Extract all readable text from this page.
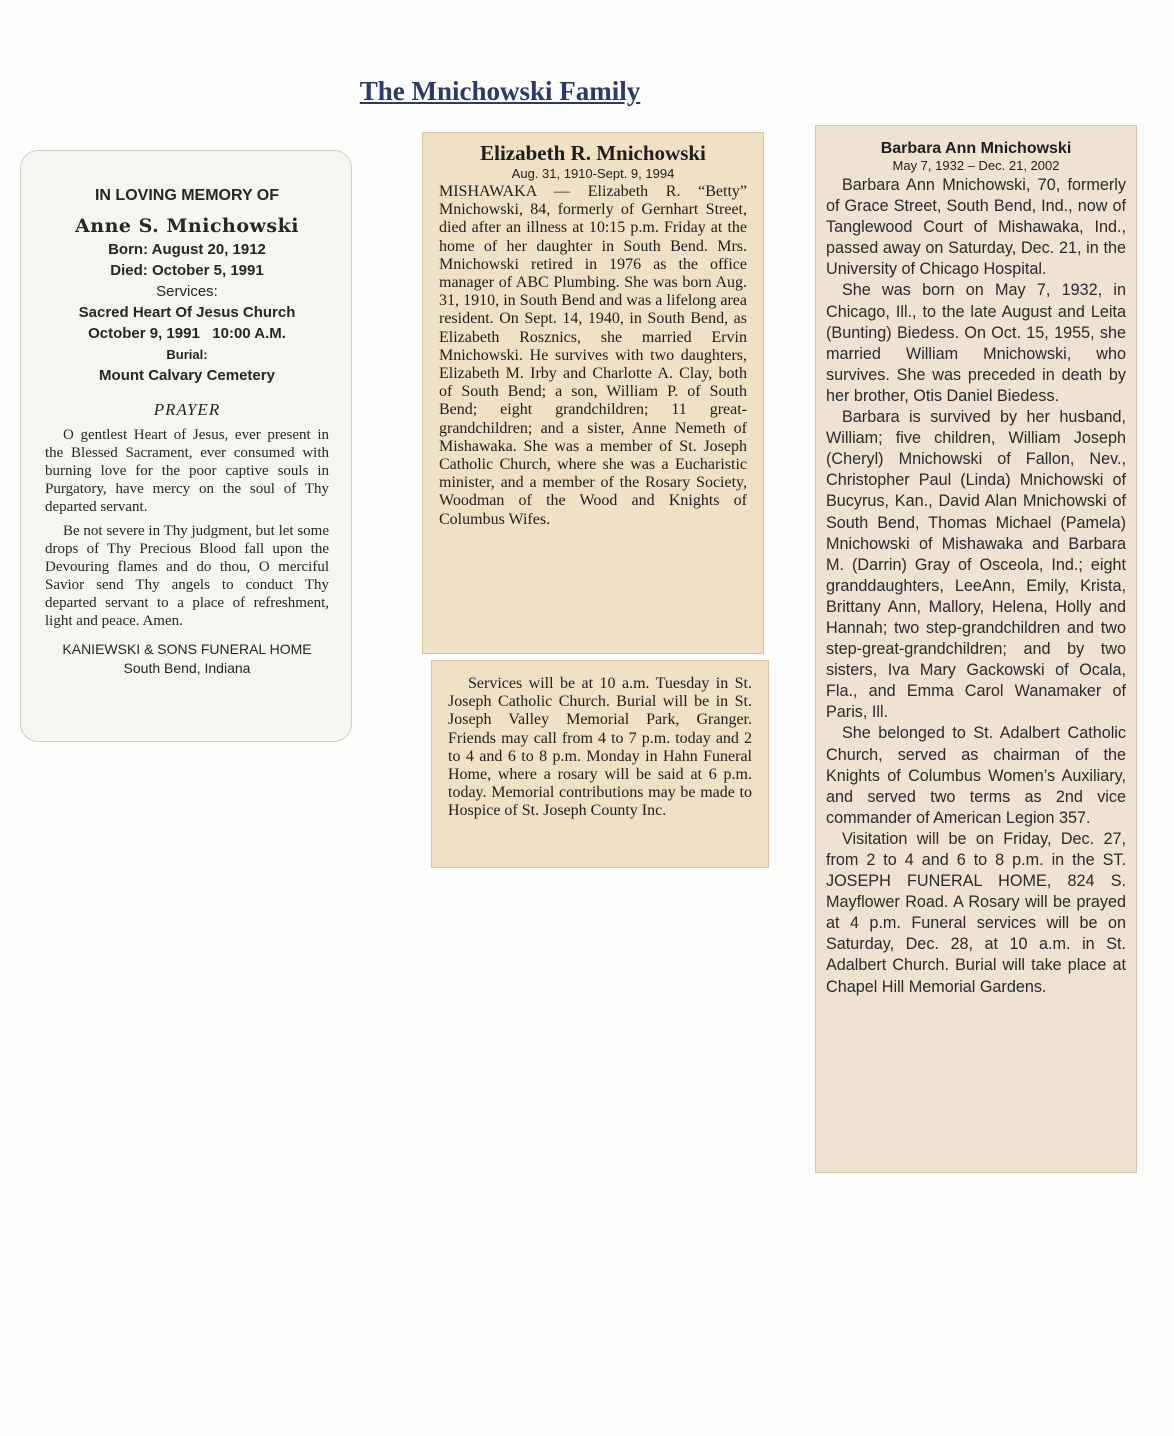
The Mnichowski Family
IN LOVING MEMORY OF
Anne S. Mnichowski
Born: August 20, 1912
Died: October 5, 1991
Services:
Sacred Heart Of Jesus Church
October 9, 1991   10:00 A.M.
Burial:
Mount Calvary Cemetery
PRAYER

O gentlest Heart of Jesus, ever present in the Blessed Sacrament, ever consumed with burning love for the poor captive souls in Purgatory, have mercy on the soul of Thy departed servant.

Be not severe in Thy judgment, but let some drops of Thy Precious Blood fall upon the Devouring flames and do thou, O merciful Savior send Thy angels to conduct Thy departed servant to a place of refreshment, light and peace. Amen.

KANIEWSKI & SONS FUNERAL HOME
South Bend, Indiana
Elizabeth R. Mnichowski
Aug. 31, 1910-Sept. 9, 1994

MISHAWAKA — Elizabeth R. “Betty” Mnichowski, 84, formerly of Gernhart Street, died after an illness at 10:15 p.m. Friday at the home of her daughter in South Bend. Mrs. Mnichowski retired in 1976 as the office manager of ABC Plumbing. She was born Aug. 31, 1910, in South Bend and was a lifelong area resident. On Sept. 14, 1940, in South Bend, as Elizabeth Rosznics, she married Ervin Mnichowski. He survives with two daughters, Elizabeth M. Irby and Charlotte A. Clay, both of South Bend; a son, William P. of South Bend; eight grandchildren; 11 great-grandchildren; and a sister, Anne Nemeth of Mishawaka. She was a member of St. Joseph Catholic Church, where she was a Eucharistic minister, and a member of the Rosary Society, Woodman of the Wood and Knights of Columbus Wifes.

Services will be at 10 a.m. Tuesday in St. Joseph Catholic Church. Burial will be in St. Joseph Valley Memorial Park, Granger. Friends may call from 4 to 7 p.m. today and 2 to 4 and 6 to 8 p.m. Monday in Hahn Funeral Home, where a rosary will be said at 6 p.m. today. Memorial contributions may be made to Hospice of St. Joseph County Inc.

Barbara Ann Mnichowski
May 7, 1932 – Dec. 21, 2002

Barbara Ann Mnichowski, 70, formerly of Grace Street, South Bend, Ind., now of Tanglewood Court of Mishawaka, Ind., passed away on Saturday, Dec. 21, in the University of Chicago Hospital.

She was born on May 7, 1932, in Chicago, Ill., to the late August and Leita (Bunting) Biedess. On Oct. 15, 1955, she married William Mnichowski, who survives. She was preceded in death by her brother, Otis Daniel Biedess.

Barbara is survived by her husband, William; five children, William Joseph (Cheryl) Mnichowski of Fallon, Nev., Christopher Paul (Linda) Mnichowski of Bucyrus, Kan., David Alan Mnichowski of South Bend, Thomas Michael (Pamela) Mnichowski of Mishawaka and Barbara M. (Darrin) Gray of Osceola, Ind.; eight granddaughters, LeeAnn, Emily, Krista, Brittany Ann, Mallory, Helena, Holly and Hannah; two step-grandchildren and two step-great-grandchildren; and by two sisters, Iva Mary Gackowski of Ocala, Fla., and Emma Carol Wanamaker of Paris, Ill.

She belonged to St. Adalbert Catholic Church, served as chairman of the Knights of Columbus Women’s Auxiliary, and served two terms as 2nd vice commander of American Legion 357.

Visitation will be on Friday, Dec. 27, from 2 to 4 and 6 to 8 p.m. in the ST. JOSEPH FUNERAL HOME, 824 S. Mayflower Road. A Rosary will be prayed at 4 p.m. Funeral services will be on Saturday, Dec. 28, at 10 a.m. in St. Adalbert Church. Burial will take place at Chapel Hill Memorial Gardens.
